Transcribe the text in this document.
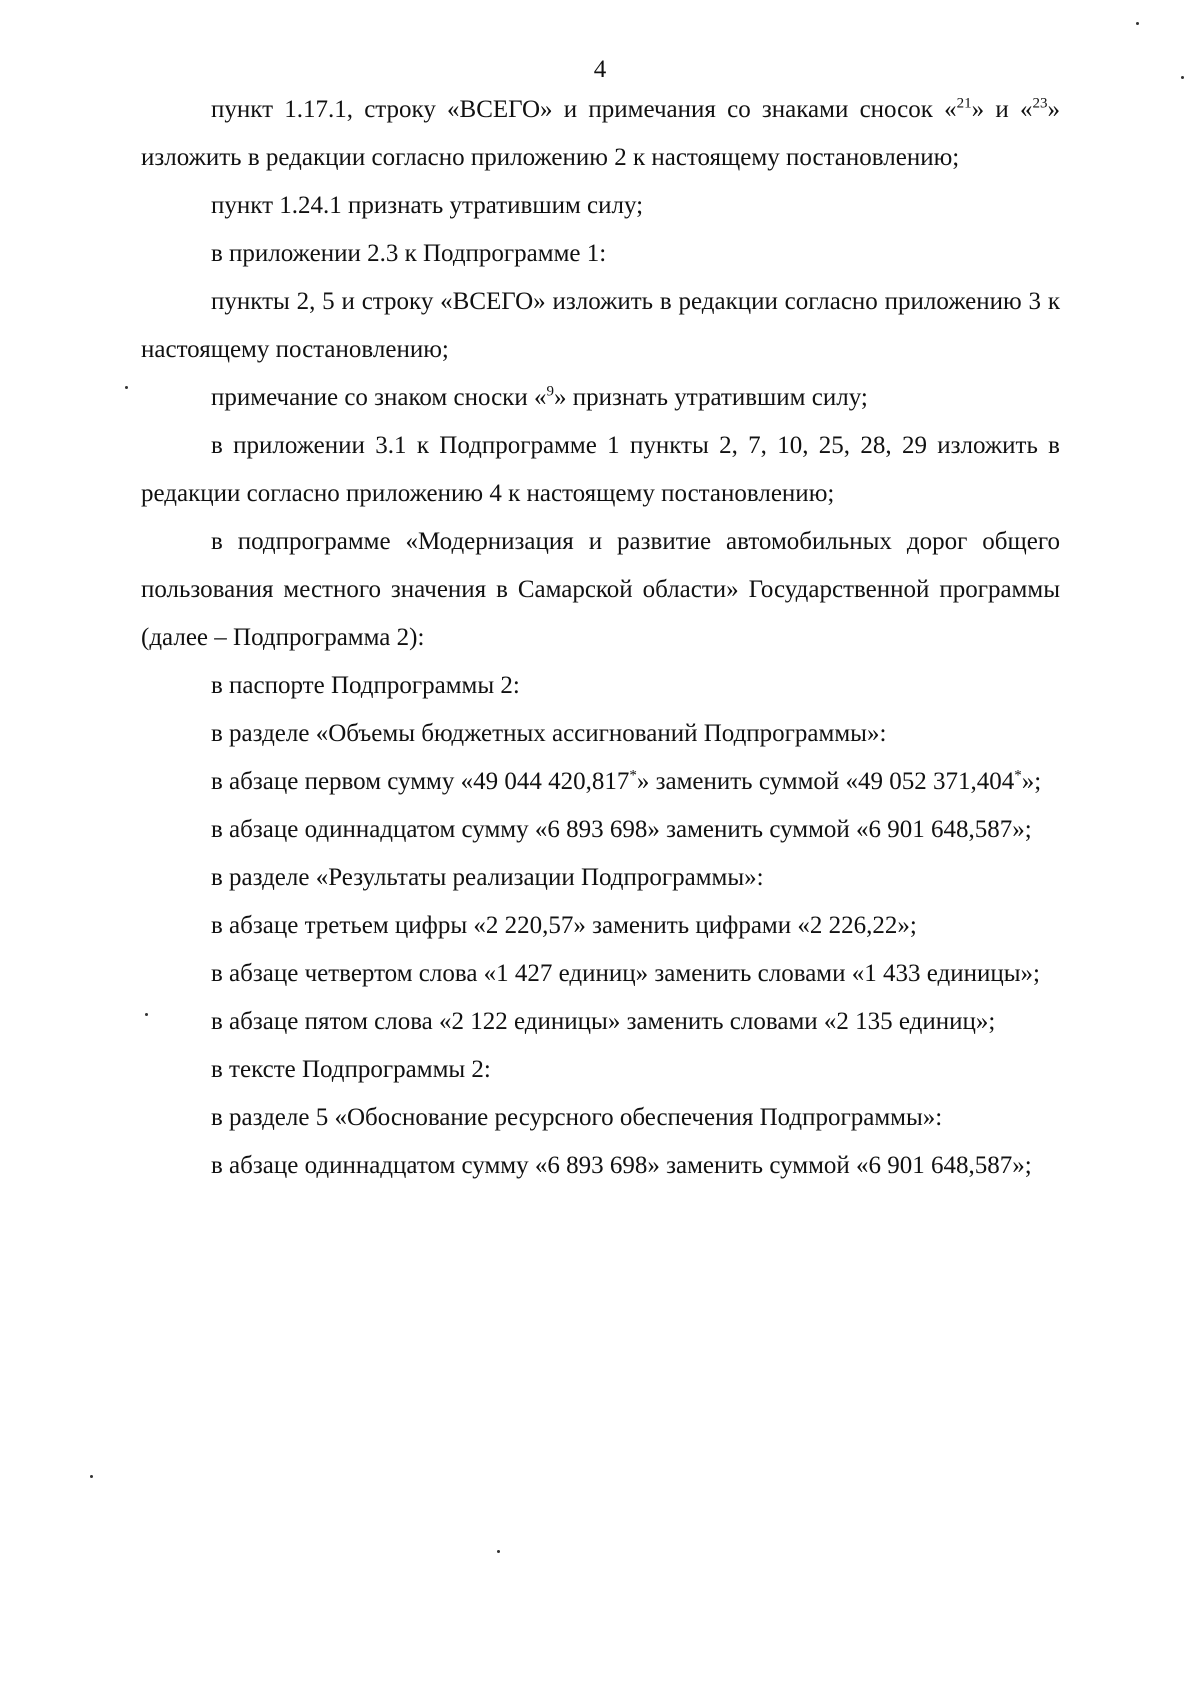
4

пункт 1.17.1, строку «ВСЕГО» и примечания со знаками сносок «$^{21}$» и «$^{23}$» изложить в редакции согласно приложению 2 к настоящему постановлению;

пункт 1.24.1 признать утратившим силу;

в приложении 2.3 к Подпрограмме 1:

пункты 2, 5 и строку «ВСЕГО» изложить в редакции согласно приложению 3 к настоящему постановлению;

примечание со знаком сноски «$^9$» признать утратившим силу;

в приложении 3.1 к Подпрограмме 1 пункты 2, 7, 10, 25, 28, 29 изложить в редакции согласно приложению 4 к настоящему постановлению;

в подпрограмме «Модернизация и развитие автомобильных дорог общего пользования местного значения в Самарской области» Государственной программы (далее – Подпрограмма 2):

в паспорте Подпрограммы 2:

в разделе «Объемы бюджетных ассигнований Подпрограммы»:

в абзаце первом сумму «49 044 420,817*» заменить суммой «49 052 371,404*»;

в абзаце одиннадцатом сумму «6 893 698» заменить суммой «6 901 648,587»;

в разделе «Результаты реализации Подпрограммы»:

в абзаце третьем цифры «2 220,57» заменить цифрами «2 226,22»;

в абзаце четвертом слова «1 427 единиц» заменить словами «1 433 единицы»;

в абзаце пятом слова «2 122 единицы» заменить словами «2 135 единиц»;

в тексте Подпрограммы 2:

в разделе 5 «Обоснование ресурсного обеспечения Подпрограммы»:

в абзаце одиннадцатом сумму «6 893 698» заменить суммой «6 901 648,587»;
